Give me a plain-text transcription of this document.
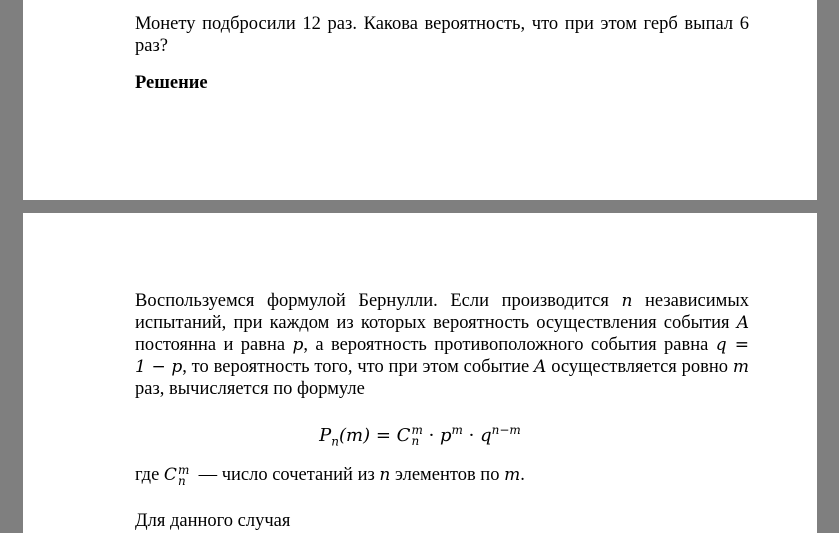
Монету подбросили 12 раз. Какова вероятность, что при этом герб выпал 6
раз?
Решение
Воспользуемся формулой Бернулли. Если производится n независимых
испытаний, при каждом из которых вероятность осуществления события A
постоянна и равна p, а вероятность противоположного события равна q =
1 − p, то вероятность того, что при этом событие A осуществляется ровно m
раз, вычисляется по формуле
$P_n(m) = C$ m
$n \cdot p^m \cdot q^{n-m}$
где C m
n — число сочетаний из n элементов по m.
Для данного случая
